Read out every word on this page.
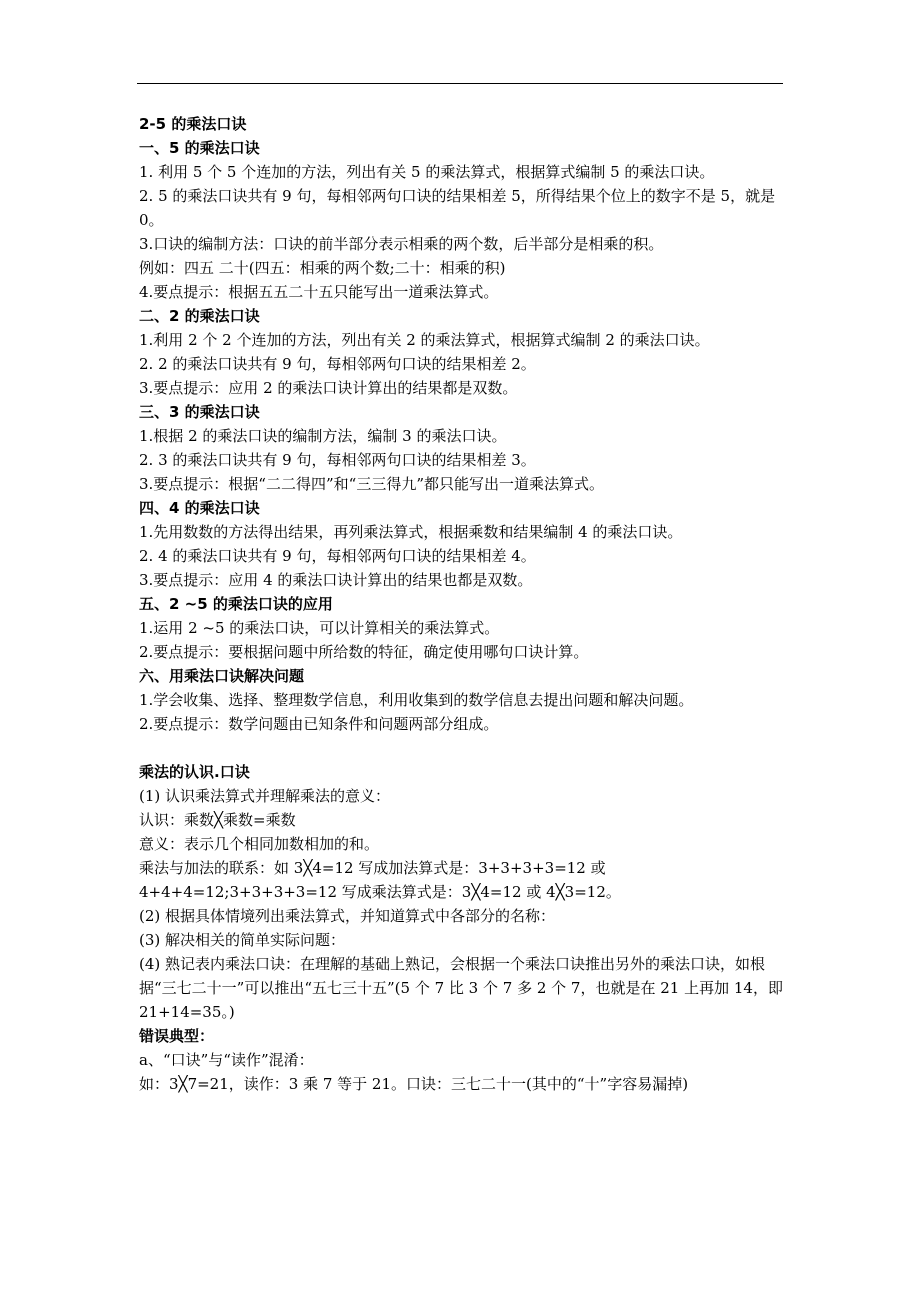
2-5 的乘法口诀
一、5 的乘法口诀
1. 利用 5 个 5 个连加的方法，列出有关 5 的乘法算式，根据算式编制 5 的乘法口诀。
2. 5 的乘法口诀共有 9 句，每相邻两句口诀的结果相差 5，所得结果个位上的数字不是 5，就是 0。
3.口诀的编制方法：口诀的前半部分表示相乘的两个数，后半部分是相乘的积。
例如：四五 二十(四五：相乘的两个数;二十：相乘的积)
4.要点提示：根据五五二十五只能写出一道乘法算式。
二、2 的乘法口诀
1.利用 2 个 2 个连加的方法，列出有关 2 的乘法算式，根据算式编制 2 的乘法口诀。
2. 2 的乘法口诀共有 9 句，每相邻两句口诀的结果相差 2。
3.要点提示：应用 2 的乘法口诀计算出的结果都是双数。
三、3 的乘法口诀
1.根据 2 的乘法口诀的编制方法，编制 3 的乘法口诀。
2. 3 的乘法口诀共有 9 句，每相邻两句口诀的结果相差 3。
3.要点提示：根据“二二得四”和“三三得九”都只能写出一道乘法算式。
四、4 的乘法口诀
1.先用数数的方法得出结果，再列乘法算式，根据乘数和结果编制 4 的乘法口诀。
2. 4 的乘法口诀共有 9 句，每相邻两句口诀的结果相差 4。
3.要点提示：应用 4 的乘法口诀计算出的结果也都是双数。
五、2 ~5 的乘法口诀的应用
1.运用 2 ~5 的乘法口诀，可以计算相关的乘法算式。
2.要点提示：要根据问题中所给数的特征，确定使用哪句口诀计算。
六、用乘法口诀解决问题
1.学会收集、选择、整理数学信息，利用收集到的数学信息去提出问题和解决问题。
2.要点提示：数学问题由已知条件和问题两部分组成。
乘法的认识.口诀
(1) 认识乘法算式并理解乘法的意义：
认识：乘数╳乘数=乘数
意义：表示几个相同加数相加的和。
乘法与加法的联系：如 3╳4=12 写成加法算式是：3+3+3+3=12 或
4+4+4=12;3+3+3+3=12 写成乘法算式是：3╳4=12 或 4╳3=12。
(2) 根据具体情境列出乘法算式，并知道算式中各部分的名称：
(3) 解决相关的简单实际问题：
(4) 熟记表内乘法口诀：在理解的基础上熟记，会根据一个乘法口诀推出另外的乘法口诀，如根据“三七二十一”可以推出“五七三十五”(5 个 7 比 3 个 7 多 2 个 7，也就是在 21 上再加 14，即 21+14=35。)
错误典型：
a、“口诀”与“读作”混淆：
如：3╳7=21，读作：3 乘 7 等于 21。口诀：三七二十一(其中的“十”字容易漏掉)
